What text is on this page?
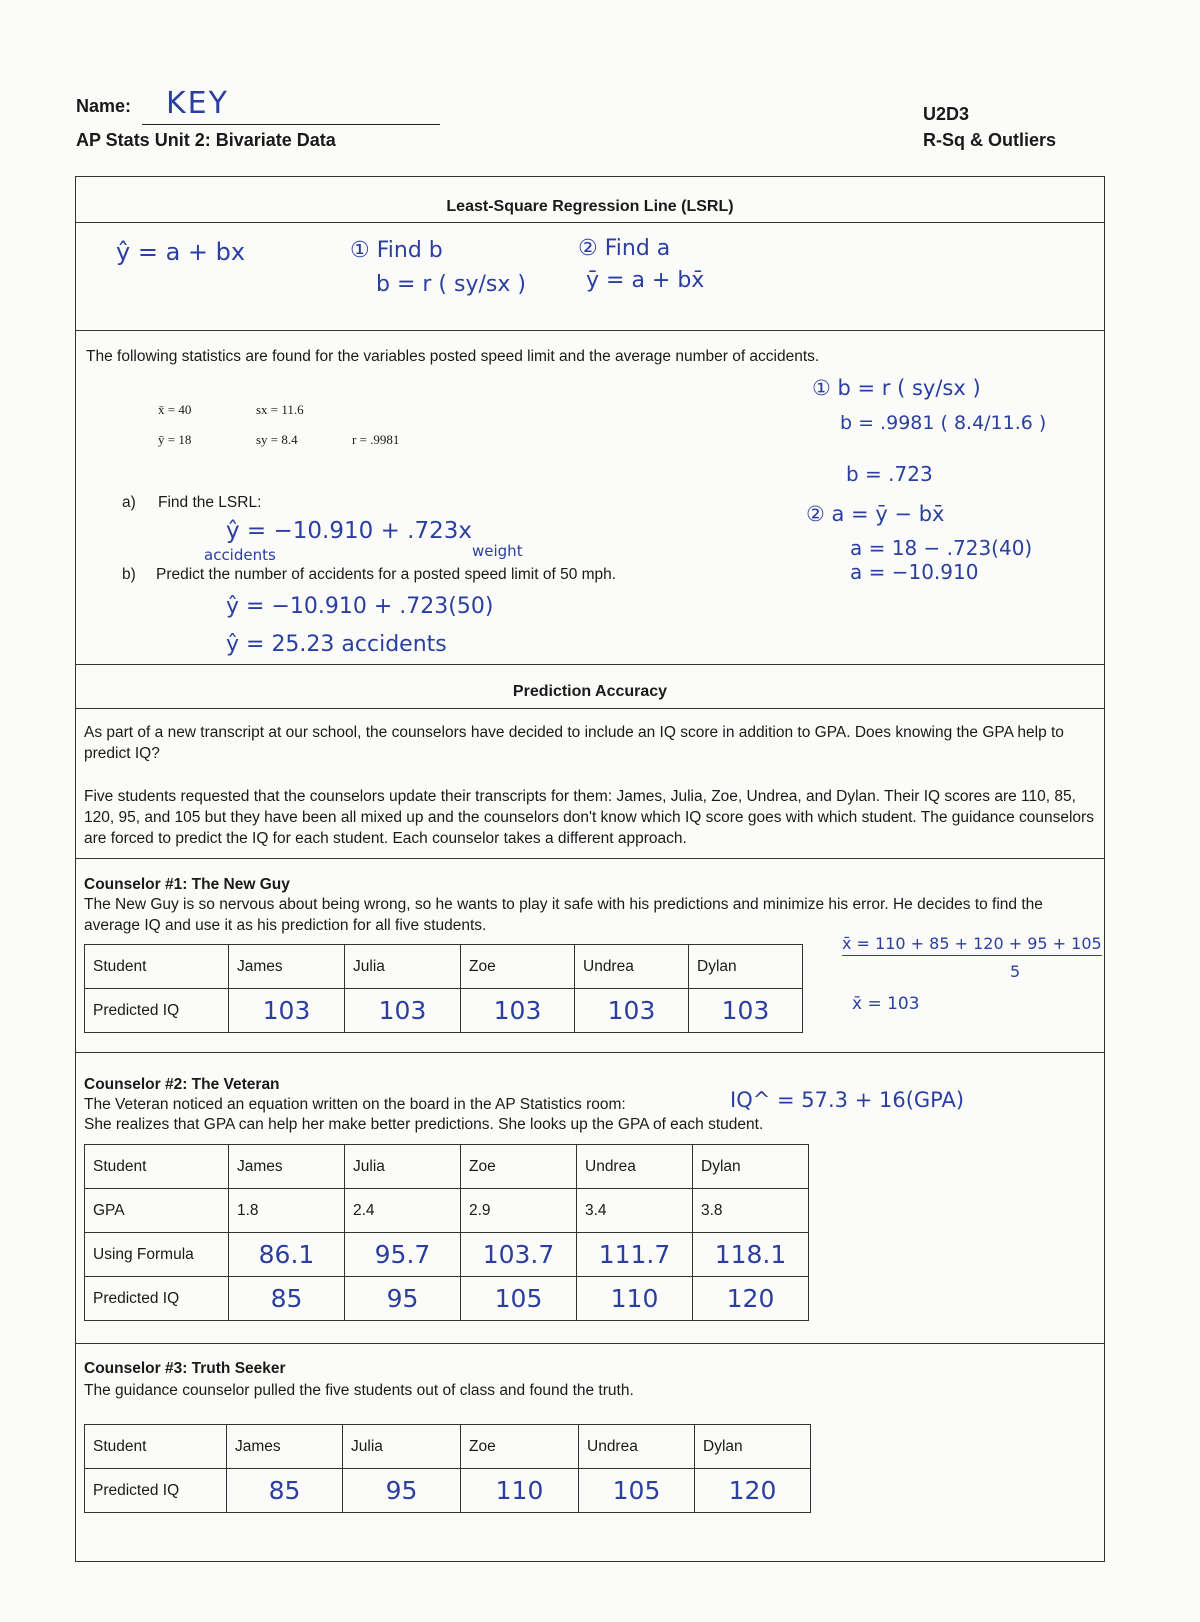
Name: KEY
AP Stats Unit 2: Bivariate Data
U2D3
R-Sq & Outliers
Least-Square Regression Line (LSRL)
ŷ = a + bx	① Find b
b = r ( sy/sx )
② Find a
ȳ = a + bx̄
The following statistics are found for the variables posted speed limit and the average number of accidents.
x̄ = 40	sx = 11.6
ȳ = 18	sy = 8.4	r = .9981
a) Find the LSRL:
ŷ = −10.910 + .723x
accidents	weight
b) Predict the number of accidents for a posted speed limit of 50 mph.
ŷ = −10.910 + .723(50)
ŷ = 25.23 accidents
① b = r ( sy/sx )
b = .9981 ( 8.4/11.6 )
b = .723
② a = ȳ − bx̄
a = 18 − .723(40)
a = −10.910
Prediction Accuracy
As part of a new transcript at our school, the counselors have decided to include an IQ score in addition to GPA. Does knowing the GPA help to predict IQ?
Five students requested that the counselors update their transcripts for them: James, Julia, Zoe, Undrea, and Dylan. Their IQ scores are 110, 85, 120, 95, and 105 but they have been all mixed up and the counselors don't know which IQ score goes with which student. The guidance counselors are forced to predict the IQ for each student. Each counselor takes a different approach.
Counselor #1: The New Guy
The New Guy is so nervous about being wrong, so he wants to play it safe with his predictions and minimize his error. He decides to find the average IQ and use it as his prediction for all five students.
Student	James	Julia	Zoe	Undrea	Dylan
Predicted IQ	103	103	103	103	103
x̄ = 110 + 85 + 120 + 95 + 105
5
x̄ = 103
Counselor #2: The Veteran
The Veteran noticed an equation written on the board in the AP Statistics room:	IQ^ = 57.3 + 16(GPA)
She realizes that GPA can help her make better predictions. She looks up the GPA of each student.
Student	James	Julia	Zoe	Undrea	Dylan
GPA	1.8	2.4	2.9	3.4	3.8
Using Formula	86.1	95.7	103.7	111.7	118.1
Predicted IQ	85	95	105	110	120
Counselor #3: Truth Seeker
The guidance counselor pulled the five students out of class and found the truth.
Student	James	Julia	Zoe	Undrea	Dylan
Predicted IQ	85	95	110	105	120
